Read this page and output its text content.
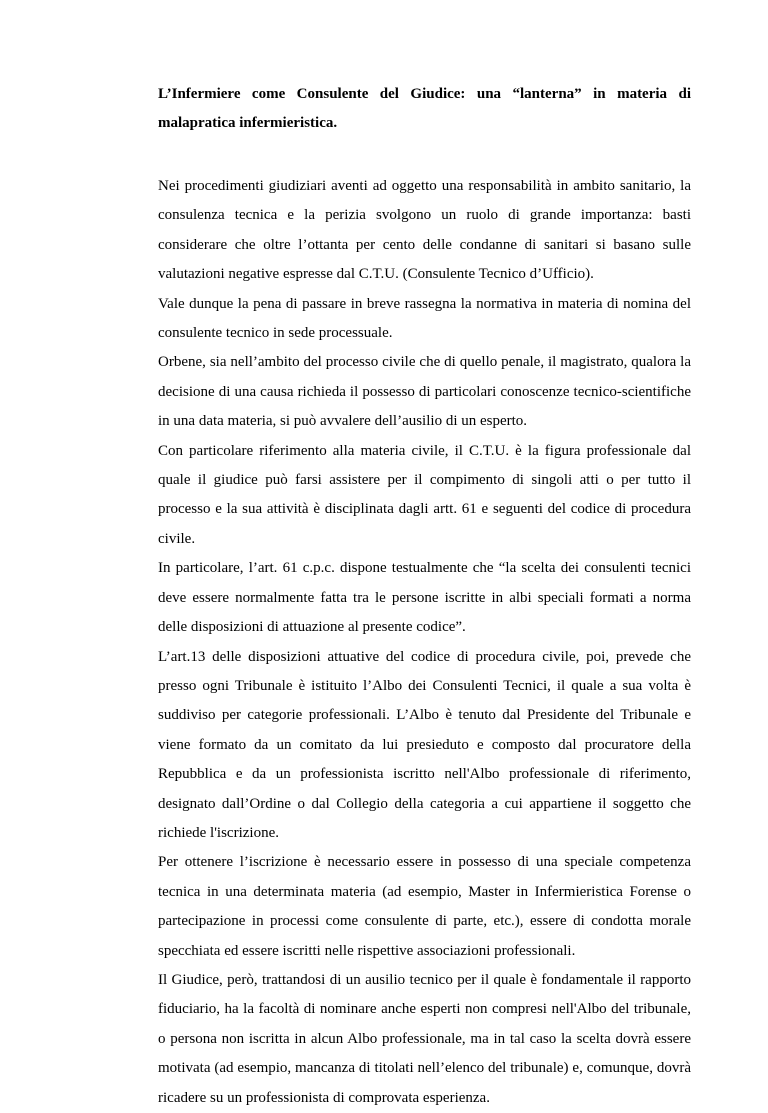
L’Infermiere come Consulente del Giudice: una “lanterna” in materia di malapratica infermieristica.

Nei procedimenti giudiziari aventi ad oggetto una responsabilità in ambito sanitario, la consulenza tecnica e la perizia svolgono un ruolo di grande importanza: basti considerare che oltre l’ottanta per cento delle condanne di sanitari si basano sulle valutazioni negative espresse dal C.T.U. (Consulente Tecnico d’Ufficio).

Vale dunque la pena di passare in breve rassegna la normativa in materia di nomina del consulente tecnico in sede processuale.

Orbene, sia nell’ambito del processo civile che di quello penale, il magistrato, qualora la decisione di una causa richieda il possesso di particolari conoscenze tecnico-scientifiche in una data materia, si può avvalere dell’ausilio di un esperto.

Con particolare riferimento alla materia civile, il C.T.U. è la figura professionale dal quale il giudice può farsi assistere per il compimento di singoli atti o per tutto il processo e la sua attività è disciplinata dagli artt. 61 e seguenti del codice di procedura civile.

In particolare, l’art. 61 c.p.c. dispone testualmente che “la scelta dei consulenti tecnici deve essere normalmente fatta tra le persone iscritte in albi speciali formati a norma delle disposizioni di attuazione al presente codice”.

L’art.13 delle disposizioni attuative del codice di procedura civile, poi, prevede che presso ogni Tribunale è istituito l’Albo dei Consulenti Tecnici, il quale a sua volta è suddiviso per categorie professionali. L’Albo è tenuto dal Presidente del Tribunale e viene formato da un comitato da lui presieduto e composto dal procuratore della Repubblica e da un professionista iscritto nell'Albo professionale di riferimento, designato dall’Ordine o dal Collegio della categoria a cui appartiene il soggetto che richiede l'iscrizione.

Per ottenere l’iscrizione è necessario essere in possesso di una speciale competenza tecnica in una determinata materia (ad esempio, Master in Infermieristica Forense o partecipazione in processi come consulente di parte, etc.), essere di condotta morale specchiata ed essere iscritti nelle rispettive associazioni professionali.

Il Giudice, però, trattandosi di un ausilio tecnico per il quale è fondamentale il rapporto fiduciario, ha la facoltà di nominare anche esperti non compresi nell'Albo del tribunale, o persona non iscritta in alcun Albo professionale, ma in tal caso la scelta dovrà essere motivata (ad esempio, mancanza di titolati nell’elenco del tribunale) e, comunque, dovrà ricadere su un professionista di comprovata esperienza.
